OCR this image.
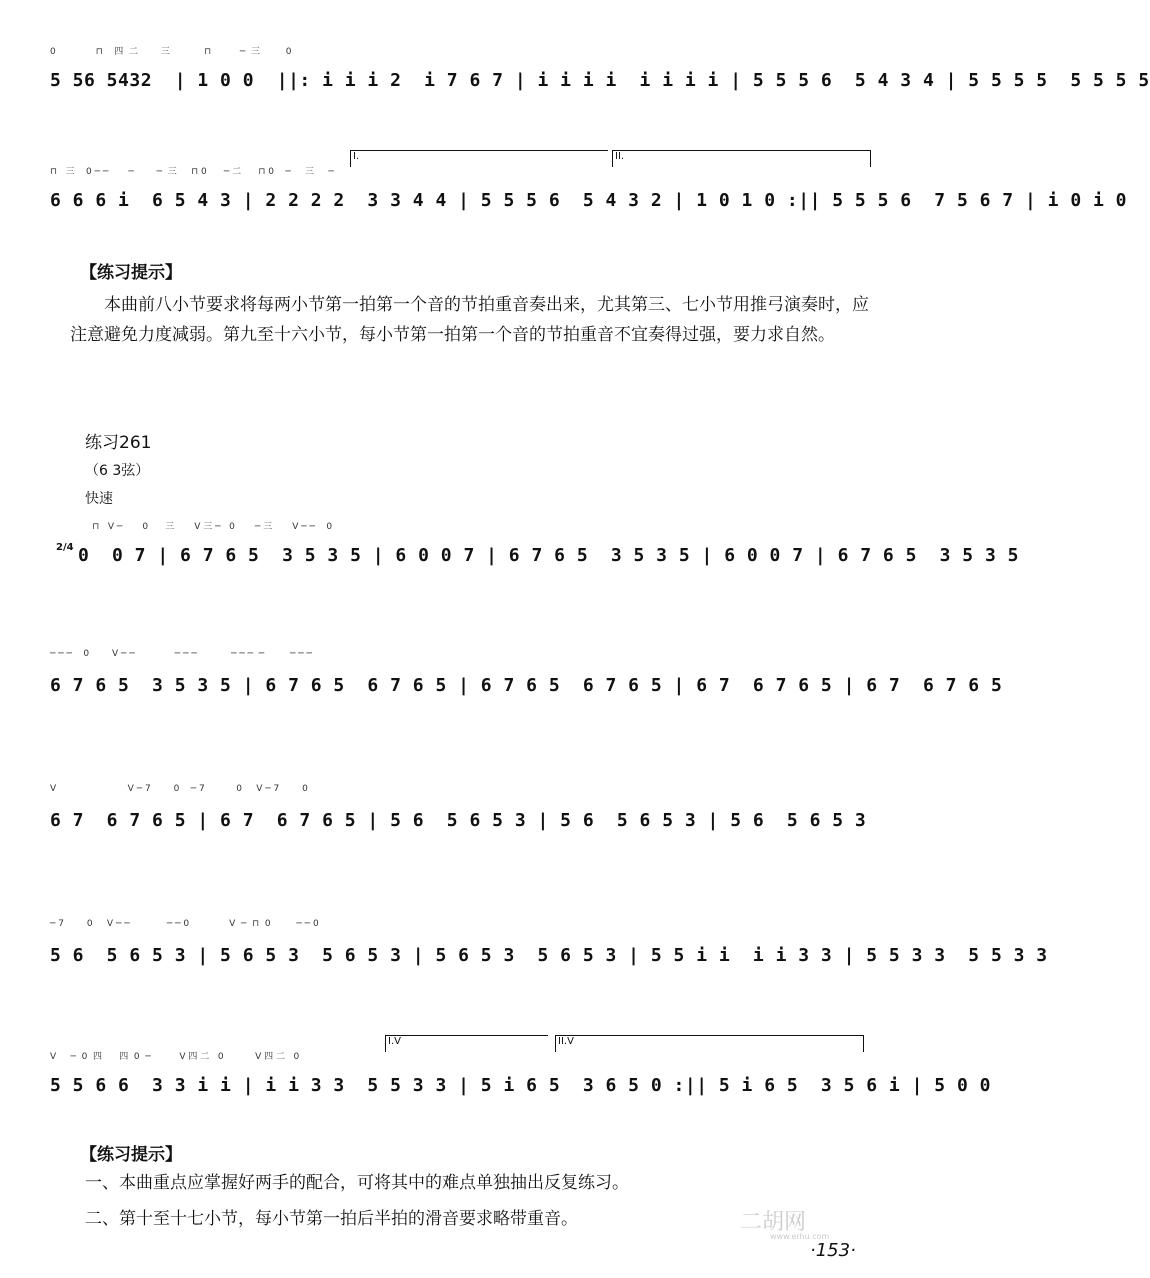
0              ⊓    四  二        三            ⊓          ─  三         0
5 56 5432  | 1 0 0  ||: i i i 2  i 7 6 7 | i i i i  i i i i | 5 5 5 6  5 4 3 4 | 5 5 5 5  5 5 5 5
I.	II.
⊓   三    0 ─ ─       ─        ─  三     ⊓ 0      ─ 二      ⊓ 0    ─     三     ─
6 6 6 i  6 5 4 3 | 2 2 2 2  3 3 4 4 | 5 5 5 6  5 4 3 2 | 1 0 1 0 :|| 5 5 5 6  7 5 6 7 | i 0 i 0
【练习提示】
本曲前八小节要求将每两小节第一拍第一个音的节拍重音奏出来，尤其第三、七小节用推弓演奏时，应注意避免力度减弱。第九至十六小节，每小节第一拍第一个音的节拍重音不宜奏得过强，要力求自然。
练习261
（6 3弦）
快速
2/4
⊓   V ─       0      三       V 三 ─   0       ─ 三       V ─ ─    0
0  0 7 | 6 7 6 5  3 5 3 5 | 6 0 0 7 | 6 7 6 5  3 5 3 5 | 6 0 0 7 | 6 7 6 5  3 5 3 5
─ ─ ─    0        V ─ ─              ─ ─ ─            ─ ─ ─  ─         ─ ─ ─
6 7 6 5  3 5 3 5 | 6 7 6 5  6 7 6 5 | 6 7 6 5  6 7 6 5 | 6 7  6 7 6 5 | 6 7  6 7 6 5
V                         V ─ 7        0    ─ 7           0     V ─ 7        0
6 7  6 7 6 5 | 6 7  6 7 6 5 | 5 6  5 6 5 3 | 5 6  5 6 5 3 | 5 6  5 6 5 3
─ 7        0     V ─ ─             ─ ─ 0              V  ─  ⊓  0         ─ ─ 0
5 6  5 6 5 3 | 5 6 5 3  5 6 5 3 | 5 6 5 3  5 6 5 3 | 5 5 i i  i i 3 3 | 5 5 3 3  5 5 3 3
I.V	II.V
V     ─  0  四      四  0  ─          V 四 二   0           V 四 二   0
5 5 6 6  3 3 i i | i i 3 3  5 5 3 3 | 5 i 6 5  3 6 5 0 :|| 5 i 6 5  3 5 6 i | 5 0 0
【练习提示】
一、本曲重点应掌握好两手的配合，可将其中的难点单独抽出反复练习。
二、第十至十七小节，每小节第一拍后半拍的滑音要求略带重音。	二胡网
www.erhu.com
·153·
